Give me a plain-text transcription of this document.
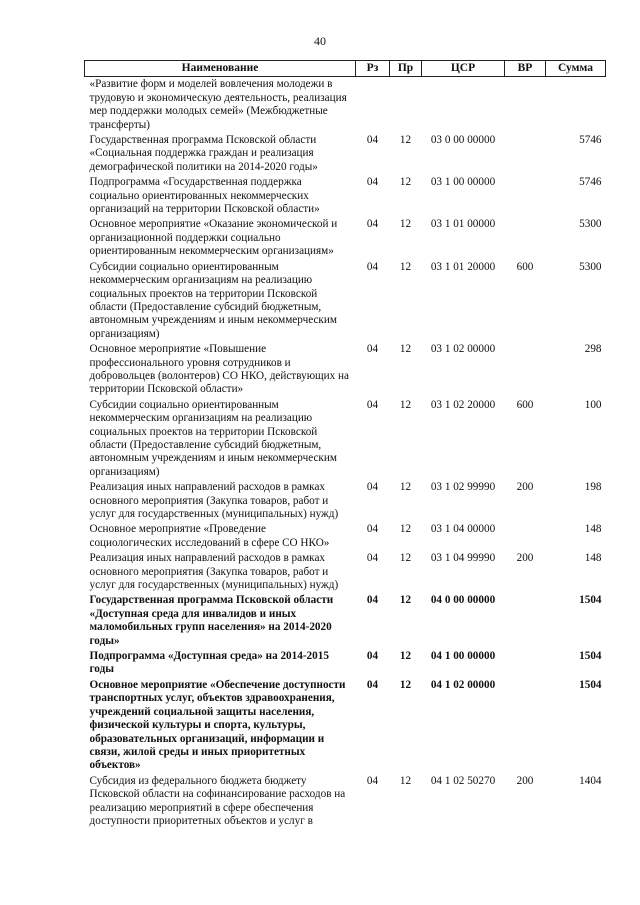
40
Наименование	Рз	Пр	ЦСР	ВР	Сумма
«Развитие форм и моделей вовлечения молодежи в трудовую и экономическую деятельность, реализация мер поддержки молодых семей» (Межбюджетные трансферты)					
Государственная программа Псковской области «Социальная поддержка граждан и реализация демографической политики на 2014-2020 годы»	04	12	03 0 00 00000		5746
Подпрограмма «Государственная поддержка социально ориентированных некоммерческих организаций на территории Псковской области»	04	12	03 1 00 00000		5746
Основное мероприятие «Оказание экономической и организационной поддержки социально ориентированным некоммерческим организациям»	04	12	03 1 01 00000		5300
Субсидии социально ориентированным некоммерческим организациям на реализацию социальных проектов на территории Псковской области (Предоставление субсидий бюджетным, автономным учреждениям и иным некоммерческим организациям)	04	12	03 1 01 20000	600	5300
Основное мероприятие «Повышение профессионального уровня сотрудников и добровольцев (волонтеров) СО НКО, действующих на территории Псковской области»	04	12	03 1 02 00000		298
Субсидии социально ориентированным некоммерческим организациям на реализацию социальных проектов на территории Псковской области (Предоставление субсидий бюджетным, автономным учреждениям и иным некоммерческим организациям)	04	12	03 1 02 20000	600	100
Реализация иных направлений расходов в рамках основного мероприятия (Закупка товаров, работ и услуг для государственных (муниципальных) нужд)	04	12	03 1 02 99990	200	198
Основное мероприятие «Проведение социологических исследований в сфере СО НКО»	04	12	03 1 04 00000		148
Реализация иных направлений расходов в рамках основного мероприятия (Закупка товаров, работ и услуг для государственных (муниципальных) нужд)	04	12	03 1 04 99990	200	148
Государственная программа Псковской области «Доступная среда для инвалидов и иных маломобильных групп населения» на 2014-2020 годы»	04	12	04 0 00 00000		1504
Подпрограмма «Доступная среда» на 2014-2015 годы	04	12	04 1 00 00000		1504
Основное мероприятие «Обеспечение доступности транспортных услуг, объектов здравоохранения, учреждений социальной защиты населения, физической культуры и спорта, культуры, образовательных организаций, информации и связи, жилой среды и иных приоритетных объектов»	04	12	04 1 02 00000		1504
Субсидия из федерального бюджета бюджету Псковской области на софинансирование расходов на реализацию мероприятий в сфере обеспечения доступности приоритетных объектов и услуг в	04	12	04 1 02 50270	200	1404
